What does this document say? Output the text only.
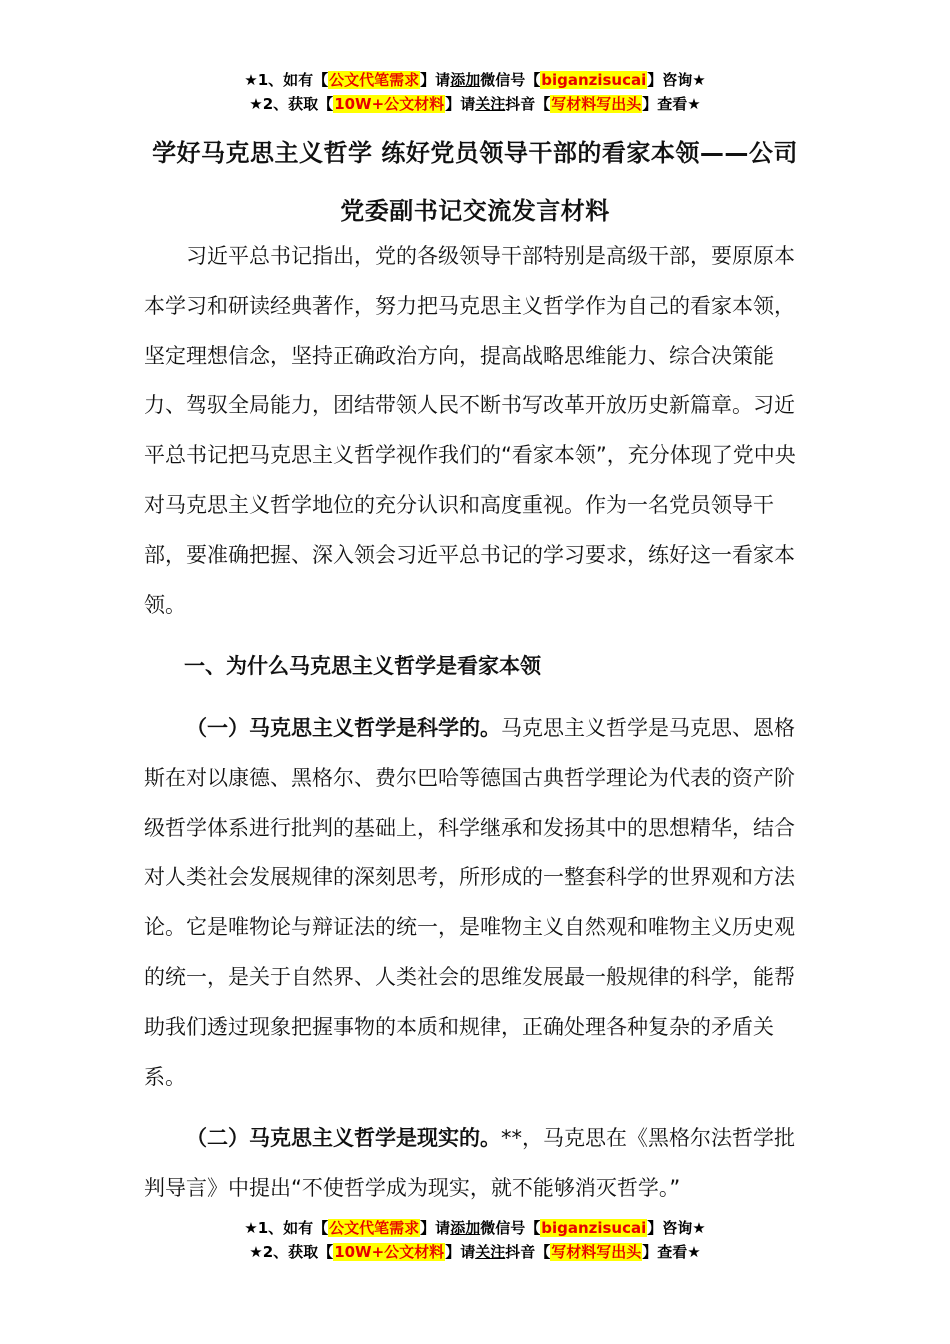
★1、如有【公文代笔需求】请添加微信号【biganzisucai】咨询★
★2、获取【10W+公文材料】请关注抖音【写材料写出头】查看★
学好马克思主义哲学 练好党员领导干部的看家本领——公司党委副书记交流发言材料
习近平总书记指出，党的各级领导干部特别是高级干部，要原原本本学习和研读经典著作，努力把马克思主义哲学作为自己的看家本领，坚定理想信念，坚持正确政治方向，提高战略思维能力、综合决策能力、驾驭全局能力，团结带领人民不断书写改革开放历史新篇章。习近平总书记把马克思主义哲学视作我们的“看家本领”，充分体现了党中央对马克思主义哲学地位的充分认识和高度重视。作为一名党员领导干部，要准确把握、深入领会习近平总书记的学习要求，练好这一看家本领。
一、为什么马克思主义哲学是看家本领
（一）马克思主义哲学是科学的。马克思主义哲学是马克思、恩格斯在对以康德、黑格尔、费尔巴哈等德国古典哲学理论为代表的资产阶级哲学体系进行批判的基础上，科学继承和发扬其中的思想精华，结合对人类社会发展规律的深刻思考，所形成的一整套科学的世界观和方法论。它是唯物论与辩证法的统一，是唯物主义自然观和唯物主义历史观的统一，是关于自然界、人类社会的思维发展最一般规律的科学，能帮助我们透过现象把握事物的本质和规律，正确处理各种复杂的矛盾关系。
（二）马克思主义哲学是现实的。**，马克思在《黑格尔法哲学批判导言》中提出“不使哲学成为现实，就不能够消灭哲学。”
★1、如有【公文代笔需求】请添加微信号【biganzisucai】咨询★
★2、获取【10W+公文材料】请关注抖音【写材料写出头】查看★
